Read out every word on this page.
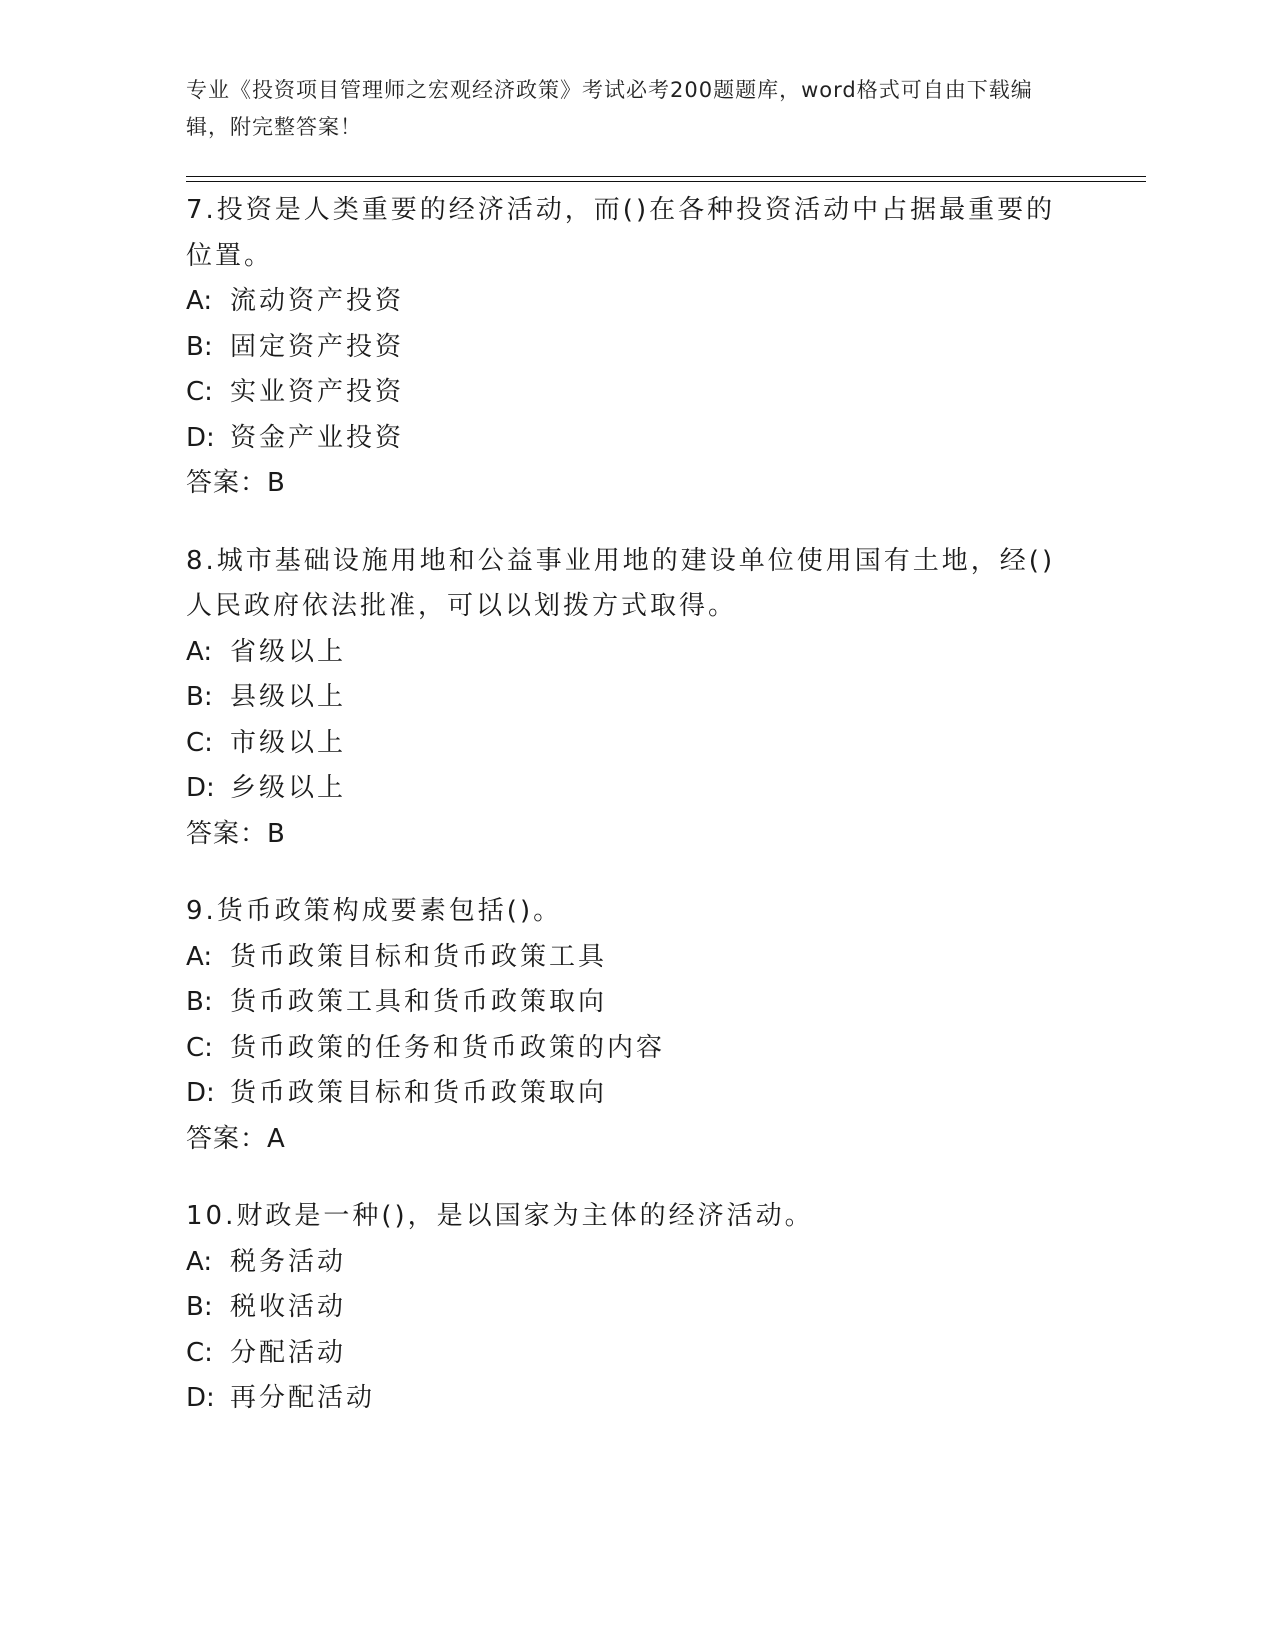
专业《投资项目管理师之宏观经济政策》考试必考200题题库，word格式可自由下载编辑，附完整答案！
7.投资是人类重要的经济活动，而()在各种投资活动中占据最重要的位置。
A: 流动资产投资
B: 固定资产投资
C: 实业资产投资
D: 资金产业投资
答案：B
8.城市基础设施用地和公益事业用地的建设单位使用国有土地，经()人民政府依法批准，可以以划拨方式取得。
A: 省级以上
B: 县级以上
C: 市级以上
D: 乡级以上
答案：B
9.货币政策构成要素包括()。
A: 货币政策目标和货币政策工具
B: 货币政策工具和货币政策取向
C: 货币政策的任务和货币政策的内容
D: 货币政策目标和货币政策取向
答案：A
10.财政是一种()，是以国家为主体的经济活动。
A: 税务活动
B: 税收活动
C: 分配活动
D: 再分配活动
